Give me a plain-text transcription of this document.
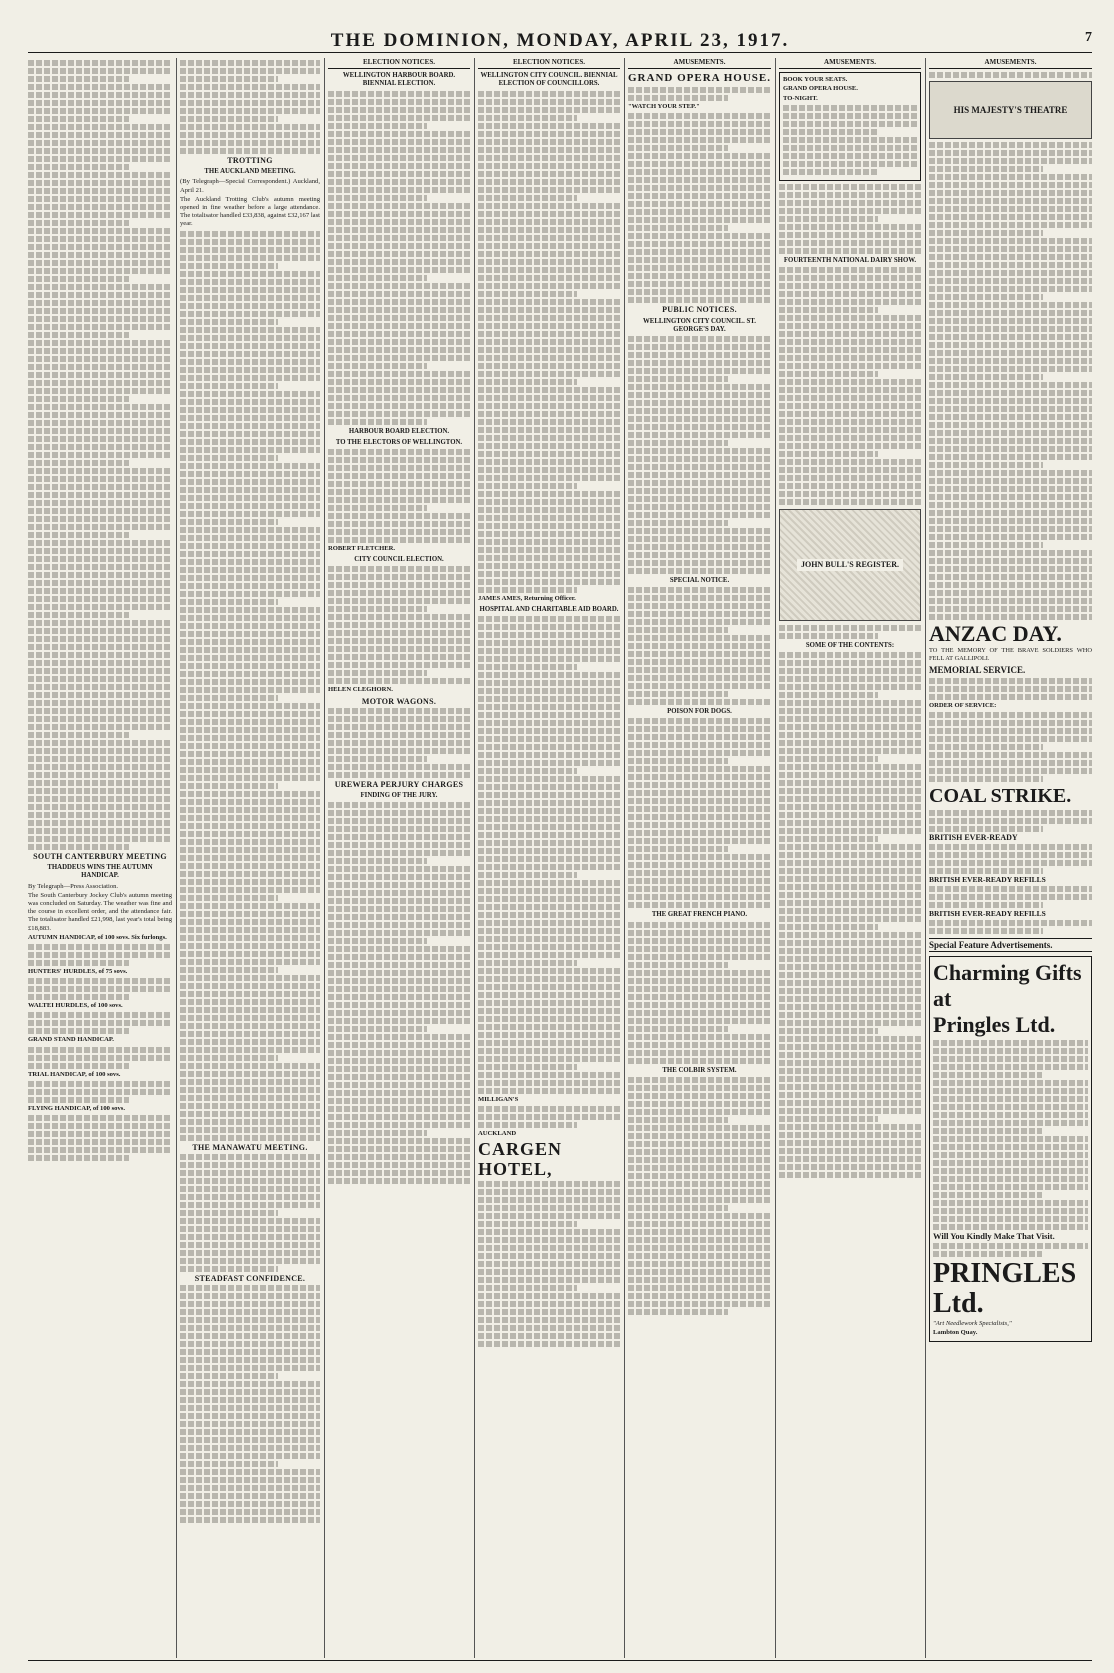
THE DOMINION, MONDAY, APRIL 23, 1917.	7
SOUTH CANTERBURY MEETING
THADDEUS WINS THE AUTUMN HANDICAP.

By Telegraph—Press Association.

The South Canterbury Jockey Club's autumn meeting was concluded on Saturday. The weather was fine and the course in excellent order, and the attendance fair. The totalisator handled £21,998, last year's total being £18,883.

AUTUMN HANDICAP, of 100 sovs. Six furlongs.

HUNTERS' HURDLES, of 75 sovs.

WALTEI HURDLES, of 100 sovs.

GRAND STAND HANDICAP.

TRIAL HANDICAP, of 100 sovs.

FLYING HANDICAP, of 100 sovs.

TROTTING
THE AUCKLAND MEETING.

(By Telegraph—Special Correspondent.) Auckland, April 21.

The Auckland Trotting Club's autumn meeting opened in fine weather before a large attendance. The totalisator handled £33,838, against £32,167 last year.

THE MANAWATU MEETING.
STEADFAST CONFIDENCE.
ELECTION NOTICES.
WELLINGTON HARBOUR BOARD. BIENNIAL ELECTION.
HARBOUR BOARD ELECTION.
TO THE ELECTORS OF WELLINGTON.

ROBERT FLETCHER.

CITY COUNCIL ELECTION.

HELEN CLEGHORN.

MOTOR WAGONS.
UREWERA PERJURY CHARGES
FINDING OF THE JURY.
ELECTION NOTICES.
WELLINGTON CITY COUNCIL. BIENNIAL ELECTION OF COUNCILLORS.

JAMES AMES, Returning Officer.

HOSPITAL AND CHARITABLE AID BOARD.

MILLIGAN'S

AUCKLAND

CARGEN HOTEL,

AMUSEMENTS.

GRAND OPERA HOUSE.

"WATCH YOUR STEP."

PUBLIC NOTICES.
WELLINGTON CITY COUNCIL. ST. GEORGE'S DAY.
SPECIAL NOTICE.
POISON FOR DOGS.
THE GREAT FRENCH PIANO.
THE COLBIR SYSTEM.
AMUSEMENTS.

BOOK YOUR SEATS.

GRAND OPERA HOUSE.

TO-NIGHT.

FOURTEENTH NATIONAL DAIRY SHOW.
JOHN BULL'S REGISTER.
SOME OF THE CONTENTS:
AMUSEMENTS.
HIS MAJESTY'S THEATRE

ANZAC DAY.

TO THE MEMORY OF THE BRAVE SOLDIERS WHO FELL AT GALLIPOLI.

MEMORIAL SERVICE.

ORDER OF SERVICE:

COAL STRIKE.

BRITISH EVER-READY

BRITISH EVER-READY REFILLS

BRITISH EVER-READY REFILLS

Special Feature Advertisements.

Charming Gifts

at

Pringles Ltd.

Will You Kindly Make That Visit.

PRINGLES Ltd.

"Art Needlework Specialists,"

Lambton Quay.
